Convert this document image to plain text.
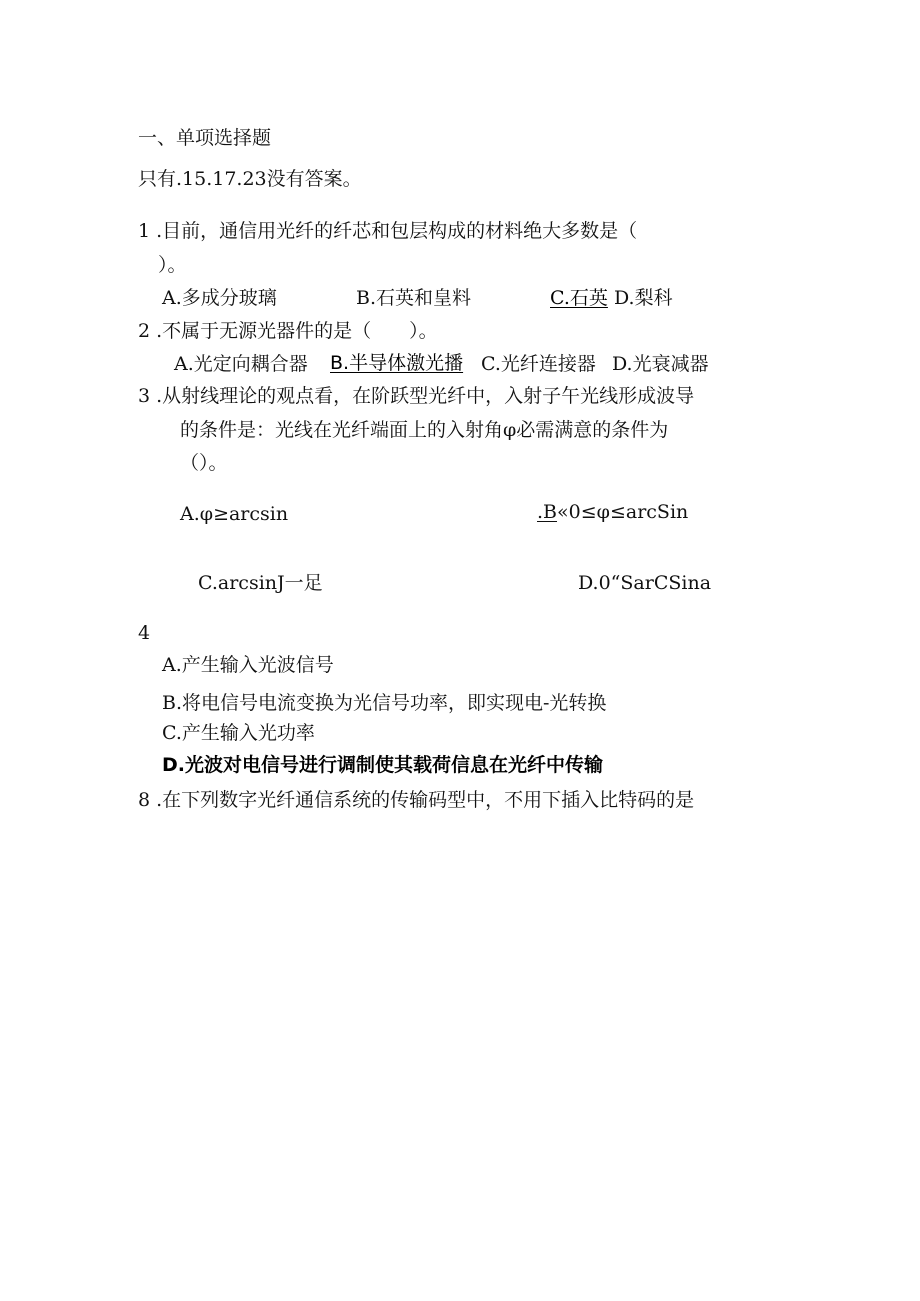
一、单项选择题
只有.15.17.23没有答案。
1 .目前，通信用光纤的纤芯和包层构成的材料绝大多数是（
）。
A.多成分玻璃	B.石英和皇料	C.石英 D.梨科
2 .不属于无源光器件的是（　　）。
A.光定向耦合器 B.半导体激光播 C.光纤连接器 D.光衰减器
3 .从射线理论的观点看，在阶跃型光纤中，入射子午光线形成波导
的条件是：光线在光纤端面上的入射角φ必需满意的条件为
（）。
A.φ≥arcsin	.B«0≤φ≤arcSin
C.arcsinJ一足	D.0“SarCSina
4
A.产生输入光波信号
B.将电信号电流变换为光信号功率，即实现电-光转换
C.产生输入光功率
D.光波对电信号进行调制使其载荷信息在光纤中传输
8 .在下列数字光纤通信系统的传输码型中，不用下插入比特码的是
